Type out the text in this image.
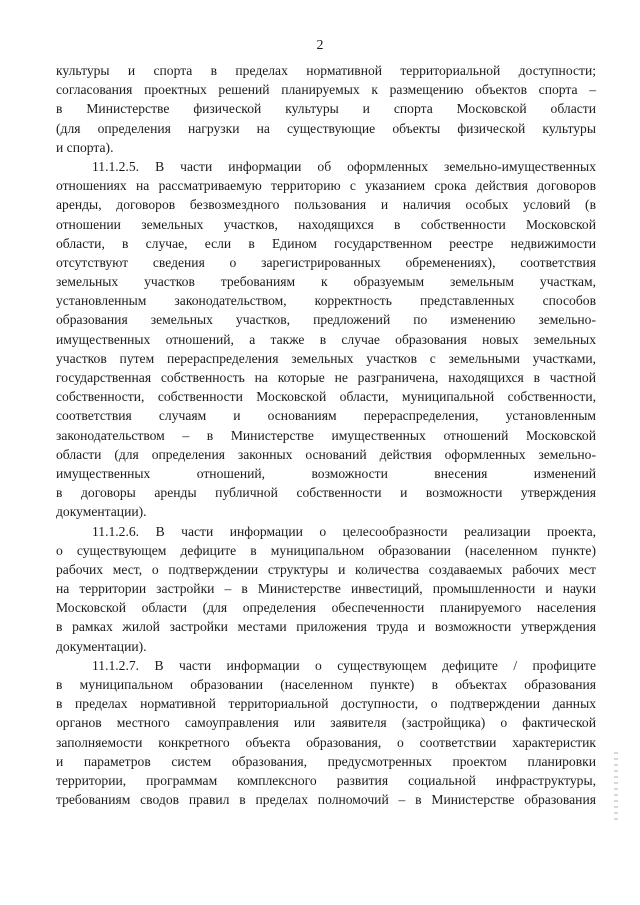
2
культуры и спорта в пределах нормативной территориальной доступности;
согласования проектных решений планируемых к размещению объектов спорта –
в Министерстве физической культуры и спорта Московской области
(для определения нагрузки на существующие объекты физической культуры
и спорта).
11.1.2.5. В части информации об оформленных земельно-имущественных
отношениях на рассматриваемую территорию с указанием срока действия договоров
аренды, договоров безвозмездного пользования и наличия особых условий (в
отношении земельных участков, находящихся в собственности Московской
области, в случае, если в Едином государственном реестре недвижимости
отсутствуют сведения о зарегистрированных обременениях), соответствия
земельных участков требованиям к образуемым земельным участкам,
установленным законодательством, корректность представленных способов
образования земельных участков, предложений по изменению земельно-
имущественных отношений, а также в случае образования новых земельных
участков путем перераспределения земельных участков с земельными участками,
государственная собственность на которые не разграничена, находящихся в частной
собственности, собственности Московской области, муниципальной собственности,
соответствия случаям и основаниям перераспределения, установленным
законодательством – в Министерстве имущественных отношений Московской
области (для определения законных оснований действия оформленных земельно-
имущественных отношений, возможности внесения изменений
в договоры аренды публичной собственности и возможности утверждения
документации).
11.1.2.6. В части информации о целесообразности реализации проекта,
о существующем дефиците в муниципальном образовании (населенном пункте)
рабочих мест, о подтверждении структуры и количества создаваемых рабочих мест
на территории застройки – в Министерстве инвестиций, промышленности и науки
Московской области (для определения обеспеченности планируемого населения
в рамках жилой застройки местами приложения труда и возможности утверждения
документации).
11.1.2.7. В части информации о существующем дефиците / профиците
в муниципальном образовании (населенном пункте) в объектах образования
в пределах нормативной территориальной доступности, о подтверждении данных
органов местного самоуправления или заявителя (застройщика) о фактической
заполняемости конкретного объекта образования, о соответствии характеристик
и параметров систем образования, предусмотренных проектом планировки
территории, программам комплексного развития социальной инфраструктуры,
требованиям сводов правил в пределах полномочий – в Министерстве образования
